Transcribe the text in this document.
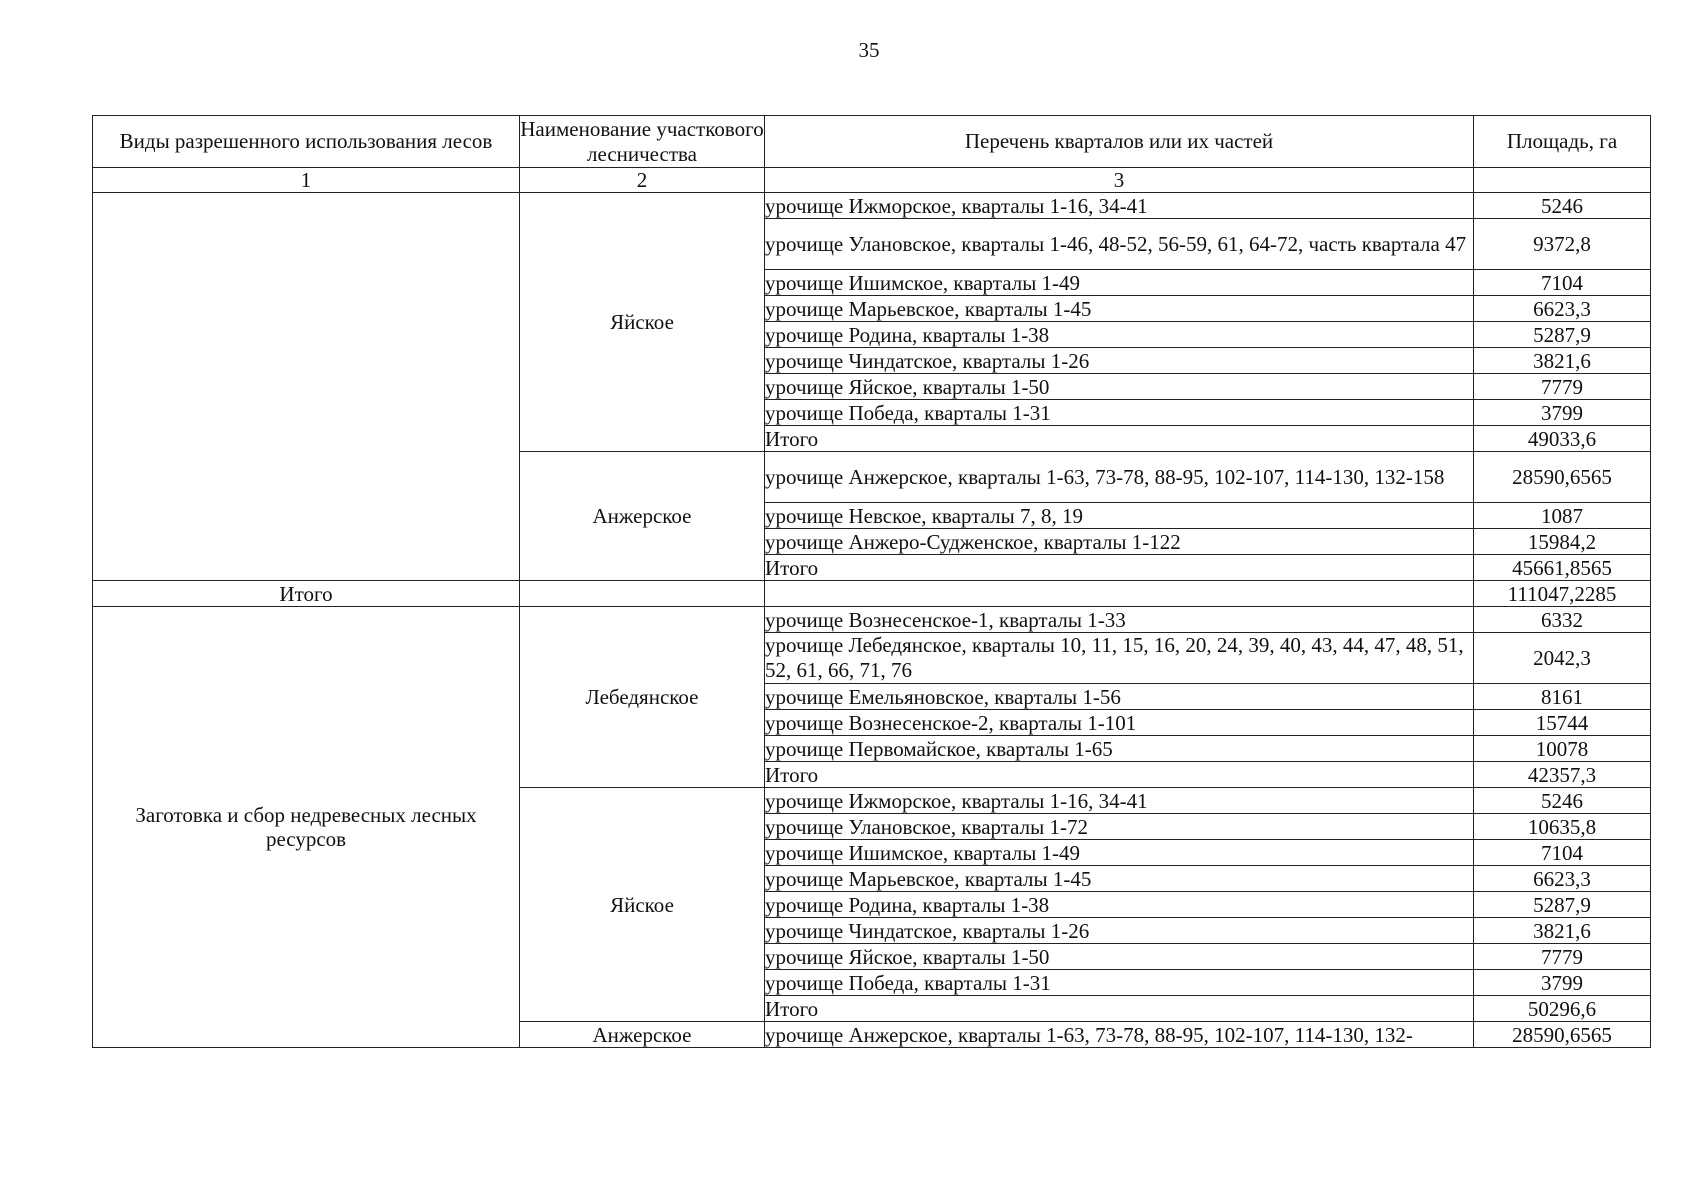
35
Виды разрешенного использования лесов	Наименование участкового лесничества	Перечень кварталов или их частей	Площадь, га
1	2	3	
	Яйское	урочище Ижморское, кварталы 1-16, 34-41	5246
		урочище Улановское, кварталы 1-46, 48-52, 56-59, 61, 64-72, часть квартала 47	9372,8
		урочище Ишимское, кварталы 1-49	7104
		урочище Марьевское, кварталы 1-45	6623,3
		урочище Родина, кварталы 1-38	5287,9
		урочище Чиндатское, кварталы 1-26	3821,6
		урочище Яйское, кварталы 1-50	7779
		урочище Победа, кварталы 1-31	3799
		Итого	49033,6
	Анжерское	урочище Анжерское, кварталы 1-63, 73-78, 88-95, 102-107, 114-130, 132-158	28590,6565
		урочище Невское, кварталы 7, 8, 19	1087
		урочище Анжеро-Судженское, кварталы 1-122	15984,2
		Итого	45661,8565
Итого			111047,2285
Заготовка и сбор недревесных лесных ресурсов	Лебедянское	урочище Вознесенское-1, кварталы 1-33	6332
		урочище Лебедянское, кварталы 10, 11, 15, 16, 20, 24, 39, 40, 43, 44, 47, 48, 51, 52, 61, 66, 71, 76	2042,3
		урочище Емельяновское, кварталы 1-56	8161
		урочище Вознесенское-2, кварталы 1-101	15744
		урочище Первомайское, кварталы 1-65	10078
		Итого	42357,3
	Яйское	урочище Ижморское, кварталы 1-16, 34-41	5246
		урочище Улановское, кварталы 1-72	10635,8
		урочище Ишимское, кварталы 1-49	7104
		урочище Марьевское, кварталы 1-45	6623,3
		урочище Родина, кварталы 1-38	5287,9
		урочище Чиндатское, кварталы 1-26	3821,6
		урочище Яйское, кварталы 1-50	7779
		урочище Победа, кварталы 1-31	3799
		Итого	50296,6
	Анжерское	урочище Анжерское, кварталы 1-63, 73-78, 88-95, 102-107, 114-130, 132-	28590,6565
